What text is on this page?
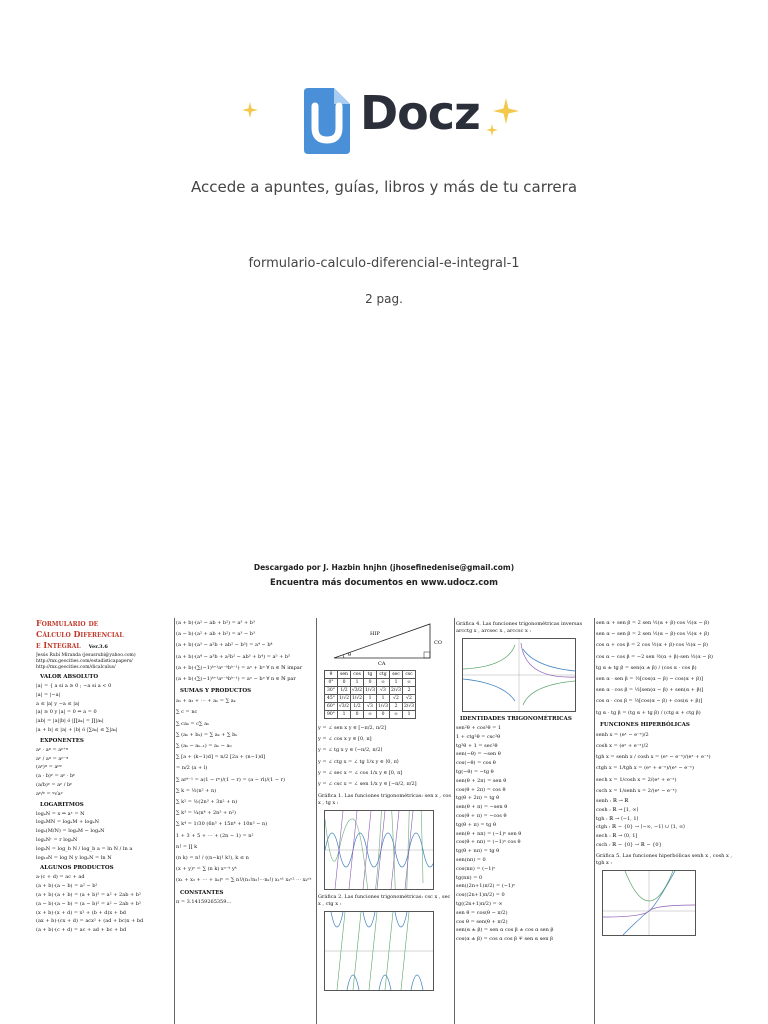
Docz
Accede a apuntes, guías, libros y más de tu carrera
formulario-calculo-diferencial-e-integral-1
2 pag.
Descargado por J. Hazbin hnjhn (jhosefinedenise@gmail.com)
Encuentra más documentos en www.udocz.com
Formulario de
Cálculo Diferencial
e Integral Ver.3.6
Jesús Rubí Miranda (jesusrubi@yahoo.com)
http://mx.geocities.com/estadisticapapers/
http://mx.geocities.com/dicalculus/
VALOR ABSOLUTO
|a| = { a si a ≥ 0 ; −a si a < 0
|a| = |−a|
a ≤ |a| y −a ≤ |a|
|a| ≥ 0 y |a| = 0 ⇔ a = 0
|ab| = |a||b| ó |∏aₖ| = ∏|aₖ|
|a + b| ≤ |a| + |b| ó |∑aₖ| ≤ ∑|aₖ|
EXPONENTES
aᵖ · aᵠ = aᵖ⁺ᵠ
aᵖ / aᵠ = aᵖ⁻ᵠ
(aᵖ)ᵠ = aᵖᵠ
(a · b)ᵖ = aᵖ · bᵖ
(a/b)ᵖ = aᵖ / bᵖ
aᵖ/ᵠ = ᵠ√aᵖ
LOGARITMOS
logₐN = x ⇒ aˣ = N
logₐMN = logₐM + logₐN
logₐ(M/N) = logₐM − logₐN
logₐNʳ = r logₐN
logₐN = log_b N / log_b a = ln N / ln a
log₁₀N = log N y logₑN = ln N
ALGUNOS PRODUCTOS
a·(c + d) = ac + ad
(a + b)·(a − b) = a² − b²
(a + b)·(a + b) = (a + b)² = a² + 2ab + b²
(a − b)·(a − b) = (a − b)² = a² − 2ab + b²
(x + b)·(x + d) = x² + (b + d)x + bd
(ax + b)·(cx + d) = acx² + (ad + bc)x + bd
(a + b)·(c + d) = ac + ad + bc + bd
(a + b)·(a² − ab + b²) = a³ + b³
(a − b)·(a² + ab + b²) = a³ − b³
(a + b)·(a³ − a²b + ab² − b³) = a⁴ − b⁴
(a + b)·(a⁴ − a³b + a²b² − ab³ + b⁴) = a⁵ + b⁵
(a + b)·(∑(−1)ᵏ⁺¹aⁿ⁻ᵏbᵏ⁻¹) = aⁿ + bⁿ ∀ n ∈ ℕ impar
(a + b)·(∑(−1)ᵏ⁺¹aⁿ⁻ᵏbᵏ⁻¹) = aⁿ − bⁿ ∀ n ∈ ℕ par
SUMAS Y PRODUCTOS
a₁ + a₂ + ⋯ + aₙ = ∑ aₖ
∑ c = nc
∑ caₖ = c∑ aₖ
∑ (aₖ + bₖ) = ∑ aₖ + ∑ bₖ
∑ (aₖ − aₖ₋₁) = aₙ − a₀
∑ [a + (k−1)d] = n/2 [2a + (n−1)d]
= n/2 (a + l)
∑ arᵏ⁻¹ = a(1 − rⁿ)/(1 − r) = (a − rl)/(1 − r)
∑ k = ½(n² + n)
∑ k² = ⅙(2n³ + 3n² + n)
∑ k³ = ¼(n⁴ + 2n³ + n²)
∑ k⁴ = 1/30 (6n⁵ + 15n⁴ + 10n³ − n)
1 + 3 + 5 + ⋯ + (2n − 1) = n²
n! = ∏ k
(n k) = n! / ((n−k)! k!), k ≤ n
(x + y)ⁿ = ∑ (n k) xⁿ⁻ᵏ yᵏ
(x₁ + x₂ + ⋯ + xₖ)ⁿ = ∑ n!/(n₁!n₂!⋯nₖ!) x₁ⁿ¹ x₂ⁿ² ⋯ xₖⁿᵏ
CONSTANTES
π = 3.14159265359…
HIP
CO
CA
θ
θ	sen	cos	tg	ctg	sec	csc
0°	0	1	0	∞	1	∞
30°	1/2	√3/2	1/√3	√3	2/√3	2
45°	1/√2	1/√2	1	1	√2	√2
60°	√3/2	1/2	√3	1/√3	2	2/√3
90°	1	0	∞	0	∞	1
y = ∠ sen x y ∈ [−π/2, π/2]
y = ∠ cos x y ∈ [0, π]
y = ∠ tg x y ∈ ⟨−π/2, π/2⟩
y = ∠ ctg x = ∠ tg 1/x y ∈ ⟨0, π⟩
y = ∠ sec x = ∠ cos 1/x y ∈ [0, π]
y = ∠ csc x = ∠ sen 1/x y ∈ [−π/2, π/2]
Gráfica 1. Las funciones trigonométricas: sen x , cos x , tg x :
Gráfica 2. Las funciones trigonométricas: csc x , sec x , ctg x :
Gráfica 4. Las funciones trigonométricas inversas arcctg x , arcsec x , arccsc x :
IDENTIDADES TRIGONOMÉTRICAS
sen²θ + cos²θ = 1
1 + ctg²θ = csc²θ
tg²θ + 1 = sec²θ
sen(−θ) = −sen θ
cos(−θ) = cos θ
tg(−θ) = −tg θ
sen(θ + 2π) = sen θ
cos(θ + 2π) = cos θ
tg(θ + 2π) = tg θ
sen(θ + π) = −sen θ
cos(θ + π) = −cos θ
tg(θ + π) = tg θ
sen(θ + nπ) = (−1)ⁿ sen θ
cos(θ + nπ) = (−1)ⁿ cos θ
tg(θ + nπ) = tg θ
sen(nπ) = 0
cos(nπ) = (−1)ⁿ
tg(nπ) = 0
sen((2n+1)π/2) = (−1)ⁿ
cos((2n+1)π/2) = 0
tg((2n+1)π/2) = ∞
sen θ = cos(θ − π/2)
cos θ = sen(θ + π/2)
sen(α ± β) = sen α cos β ± cos α sen β
cos(α ± β) = cos α cos β ∓ sen α sen β
sen α + sen β = 2 sen ½(α + β)·cos ½(α − β)
sen α − sen β = 2 sen ½(α − β)·cos ½(α + β)
cos α + cos β = 2 cos ½(α + β)·cos ½(α − β)
cos α − cos β = −2 sen ½(α + β)·sen ½(α − β)
tg α ± tg β = sen(α ± β) / (cos α · cos β)
sen α · sen β = ½[cos(α − β) − cos(α + β)]
sen α · cos β = ½[sen(α − β) + sen(α + β)]
cos α · cos β = ½[cos(α − β) + cos(α + β)]
tg α · tg β = (tg α + tg β) / (ctg α + ctg β)
FUNCIONES HIPERBÓLICAS
senh x = (eˣ − e⁻ˣ)/2
cosh x = (eˣ + e⁻ˣ)/2
tgh x = senh x / cosh x = (eˣ − e⁻ˣ)/(eˣ + e⁻ˣ)
ctgh x = 1/tgh x = (eˣ + e⁻ˣ)/(eˣ − e⁻ˣ)
sech x = 1/cosh x = 2/(eˣ + e⁻ˣ)
csch x = 1/senh x = 2/(eˣ − e⁻ˣ)
senh : ℝ → ℝ
cosh : ℝ → [1, ∞⟩
tgh : ℝ → ⟨−1, 1⟩
ctgh : ℝ − {0} → ⟨−∞, −1⟩ ∪ ⟨1, ∞⟩
sech : ℝ → ⟨0, 1]
csch : ℝ − {0} → ℝ − {0}
Gráfica 5. Las funciones hiperbólicas senh x , cosh x , tgh x :
